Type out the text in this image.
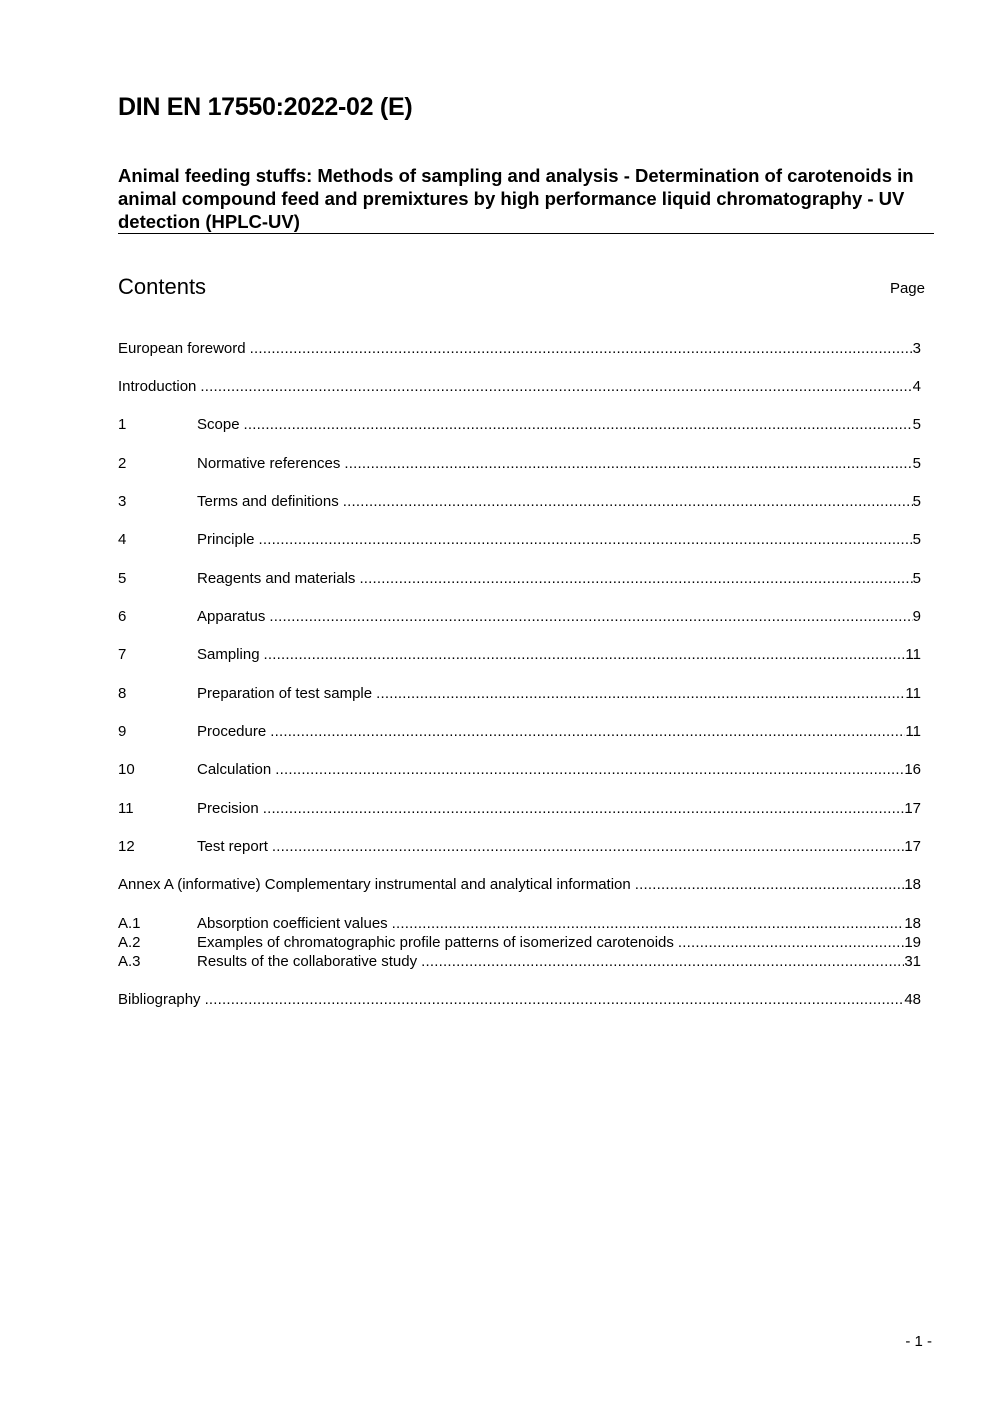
DIN EN 17550:2022-02 (E)
Animal feeding stuffs: Methods of sampling and analysis - Determination of carotenoids in animal compound feed and premixtures by high performance liquid chromatography - UV detection (HPLC-UV)
Contents	Page
European foreword .....	3
Introduction .....	4
1	Scope .....	5
2	Normative references .....	5
3	Terms and definitions .....	5
4	Principle .....	5
5	Reagents and materials .....	5
6	Apparatus .....	9
7	Sampling .....	11
8	Preparation of test sample .....	11
9	Procedure .....	11
10	Calculation .....	16
11	Precision .....	17
12	Test report .....	17
Annex A (informative) Complementary instrumental and analytical information .....	18
A.1	Absorption coefficient values .....	18
A.2	Examples of chromatographic profile patterns of isomerized carotenoids .....	19
A.3	Results of the collaborative study .....	31
Bibliography .....	48
- 1 -
